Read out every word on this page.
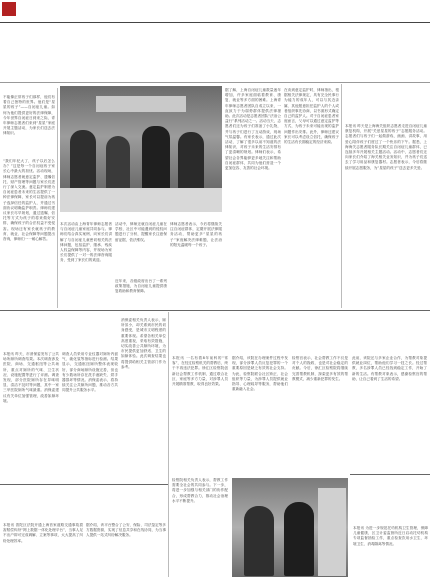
不能像正常孩子们那样，他们有着自己独特的世界。他们是“星星的孩子”——自闭症儿童。如何为他们提供更好的法律保障，今年世界自闭症日到来之际，青年律师志愿者们来到“星星”家庭开展主题活动，为家长们送去法律知识。
“我们年纪大了，孩子以后怎么办？”这是每一个自闭症孩子家长心中最大的担忧。活动现场，律师志愿者就意定监护、遗嘱信托、财产管理等问题与家长们进行了深入交流。意定监护制度为自闭症患者未来的生活提供了一种法律保障，家长可以提前为孩子选择信任的监护人，并通过书面协议明确监护职责。律师们建议家长尽早规划，通过遗嘱、信托等方式为孩子的将来做好安排，确保孩子的合法权益不受侵害。现场还有家长就孩子的教育、就业、社会保障等问题提出咨询，律师们一一耐心解答。
本次活动由上海青年律师志愿者与自闭症儿童家庭共同参与。律师们结合真实案例，向家长们讲解了与自闭症儿童密切相关的法律问题，包括监护、继承、残疾人权益保障等内容，并现场为家长们提供了一对一的法律咨询服务，受到了家长们的欢迎。
活动中，律师还就自闭症儿童在学校、社区中可能遇到的侵权问题进行了分析，提醒家长注意保留证据，依法维权。
近年来，各级政府出台了一系列政策措施，为自闭症儿童提供康复救助和教育保障。
律师志愿者表示，今后将继续关注自闭症群体，定期开展法律服务活动，帮助更多“星星的孩子”家庭解决法律难题，让法治的阳光温暖每一个孩子。
据了解，上海自闭症儿童数量逐年增加，许多家庭面临着教育、康复、就业等多方面的困难。上海青年律师志愿者团队自成立以来，一直致力于为弱势群体提供法律援助。此次活动是志愿者团队“法治公益行”系列活动之一。活动当天，志愿者们还为孩子们准备了小礼物，并与孩子们进行了互动游戏，现场气氛温馨。有家长表示，通过此次活动，了解了很多以前不知道的法律知识，对孩子未来的生活安排有了更清晰的规划。律师们表示，希望社会各界能够更多地关注和帮助自闭症群体，共同为他们营造一个更加包容、友善的社会环境。
在谈到意定监护时，律师指出，根据相关法律规定，具有完全民事行为能力的成年人，可以与其近亲属、其他愿意担任监护人的个人或者组织事先协商，以书面形式确定自己的监护人。对于自闭症患者家庭而言，父母可以通过意定监护等方式，为孩子未来可能出现的监护问题作出安排。此外，律师还建议家长可以考虑设立信托，确保孩子的生活有长期稳定的经济来源。
本报讯 昨天是上海海关组织志愿者走进自闭症儿童康复机构，开展“关爱星星的孩子”志愿服务活动。志愿者们与孩子们一起做游戏、画画、讲故事，用爱心陪伴孩子们度过了一个快乐的下午。据悉，上海海关志愿者服务队长期关注自闭症儿童群体，已连续多年开展相关主题活动。活动中，志愿者们还向家长们介绍了海关相关业务知识，并为孩子们送去了学习用品和康复器材。志愿者表示，今后将继续开展志愿服务，为“星星的孩子”送去更多关爱。
本报讯 昨天，市消保委发布了公共场所厕所调查结果。本次调查涉及医院、商场、交通枢纽等公共场所，重点对厕所的气味、卫生状况、设施配置等进行了评测。调查发现，部分医院厕所存在异味明显、清洁不及时等问题，其中一家三甲医院厕所气味最重。消保委建议有关单位加强管理，改善如厕环境。
调查人员采用专业仪器对厕所内氨气、硫化氢等指标进行检测。结果显示，交通枢纽厕所整体表现较好，部分商场厕所设施完善，但也有少数场所存在洗手液缺失、烘手器损坏等情况。消保委表示，将持续关注公共厕所问题，推动各方共同提升公共服务水平。
消保委相关负责人表示，厕所虽小，却关系到市民的切身感受，是城市文明程度的重要体现。希望各相关单位高度重视，采取有效措施，切实改善公共厕所环境，为市民提供更加舒适、卫生的如厕体验。此次调查结果也将提供给相关主管部门作为参考。
本报讯 一名有着8年前科的“常客”，在经过检察机关的帮教后，终于不再违法犯罪。徐汇区检察院创新社会帮教工作机制，通过联合社区、家庭等多方力量，对涉罪人员开展精准帮教，取得良好效果。
据介绍，该院在办理案件过程中发现，部分涉罪人员反复犯罪的一个重要原因是缺乏有效的社会支持。为此，检察院联合社区矫正、社会组织等力量，为涉罪人员提供就业指导、心理疏导等服务，帮助他们重新融入社会。
检察官表示，社会帮教工作不仅是对个人的挽救，也是对社会稳定的贡献。今后，徐汇区检察院将继续完善帮教机制，探索更多有效的帮教模式，减少重新犯罪的发生。
此前，该院还与多家企业合作，为帮教对象提供就业岗位，帮助他们学习一技之长。经过帮教，多名涉罪人员已经找到稳定工作，开始了新的生活。有帮教对象表示，感谢检察官的帮助，让自己看到了生活的希望。
本报讯 普陀区法院开通上海首家道路交通事故损害赔偿纠纷“网上数据一体化处理平台”，当事人足不出户即可完成调解、立案等事项，大大提高了纠纷处理效率。
据介绍，该平台整合了公安、保险、司法鉴定等多方数据资源，实现了信息共享和在线协同，为当事人提供一站式纠纷解决服务。
检察院相关负责人表示，帮教工作需要全社会的共同参与。下一步，将进一步加强与相关部门的协作配合，形成帮教合力，推动社会治理水平不断提升。
本报讯 为进一步规范托幼机构卫生管理，保障儿童健康，区卫计委监督所近日启动托幼机构专项监督抽检工作，重点检查饮用水卫生、环境卫生、消毒隔离等情况。
